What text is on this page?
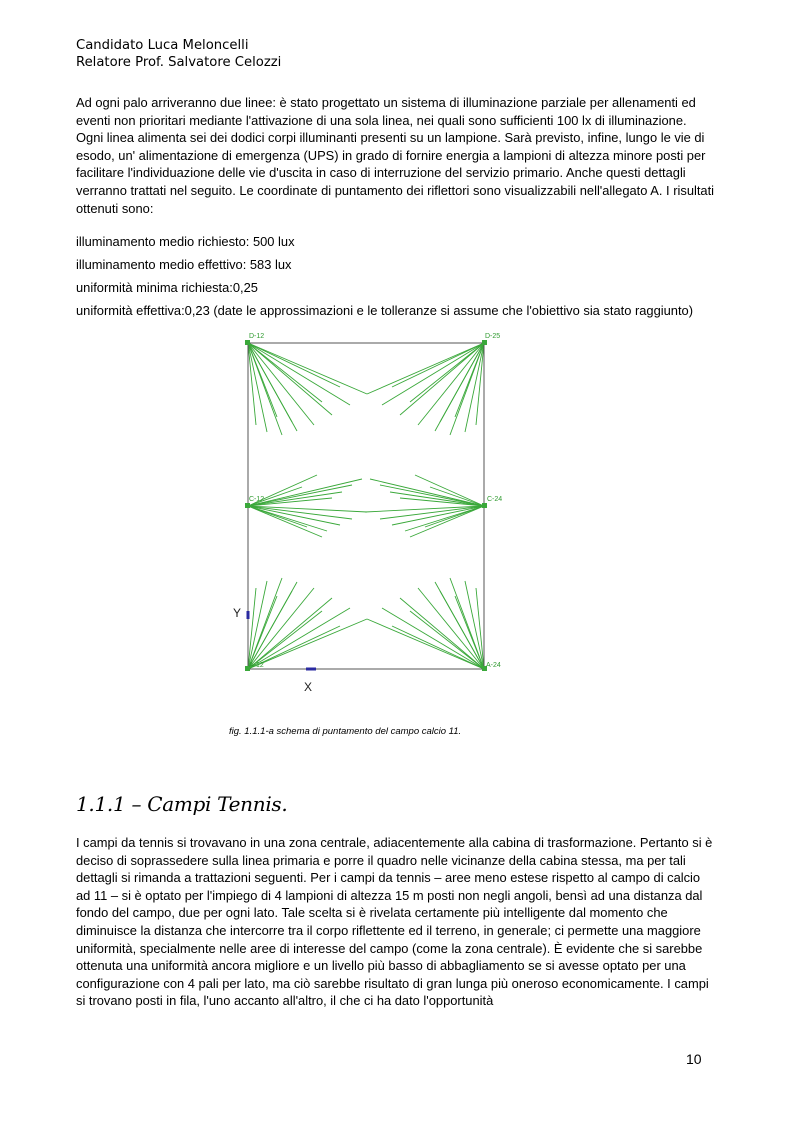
Candidato Luca Meloncelli
Relatore Prof. Salvatore Celozzi

Ad ogni palo arriveranno due linee: è stato progettato un sistema di illuminazione parziale per allenamenti ed eventi non prioritari mediante l'attivazione di una sola linea, nei quali sono sufficienti 100 lx di illuminazione. Ogni linea alimenta sei dei dodici corpi illuminanti presenti su un lampione. Sarà previsto, infine, lungo le vie di esodo, un' alimentazione di emergenza (UPS) in grado di fornire energia a lampioni di altezza minore posti per facilitare l'individuazione delle vie d'uscita in caso di interruzione del servizio primario. Anche questi dettagli verranno trattati nel seguito. Le coordinate di puntamento dei riflettori sono visualizzabili nell'allegato A. I risultati ottenuti sono:

illuminamento medio richiesto: 500 lux

illuminamento medio effettivo: 583 lux

uniformità minima richiesta:0,25

uniformità effettiva:0,23 (date le approssimazioni e le tolleranze si assume che l'obiettivo sia stato raggiunto)

D-12	D-25
C-12	C-24
A-12	A-24
Y
X
fig. 1.1.1-a schema di puntamento del campo calcio 11.
1.1.1 – Campi Tennis.

I campi da tennis si trovavano in una zona centrale, adiacentemente alla cabina di trasformazione. Pertanto si è deciso di soprassedere sulla linea primaria e porre il quadro nelle vicinanze della cabina stessa, ma per tali dettagli si rimanda a trattazioni seguenti. Per i campi da tennis – aree meno estese rispetto al campo di calcio ad 11 – si è optato per l'impiego di 4 lampioni di altezza 15 m posti non negli angoli, bensì ad una distanza dal fondo del campo, due per ogni lato. Tale scelta si è rivelata certamente più intelligente dal momento che diminuisce la distanza che intercorre tra il corpo riflettente ed il terreno, in generale; ci permette una maggiore uniformità, specialmente nelle aree di interesse del campo (come la zona centrale). È evidente che si sarebbe ottenuta una uniformità ancora migliore e un livello più basso di abbagliamento se si avesse optato per una configurazione con 4 pali per lato, ma ciò sarebbe risultato di gran lunga più oneroso economicamente. I campi si trovano posti in fila, l'uno accanto all'altro, il che ci ha dato l'opportunità

10
